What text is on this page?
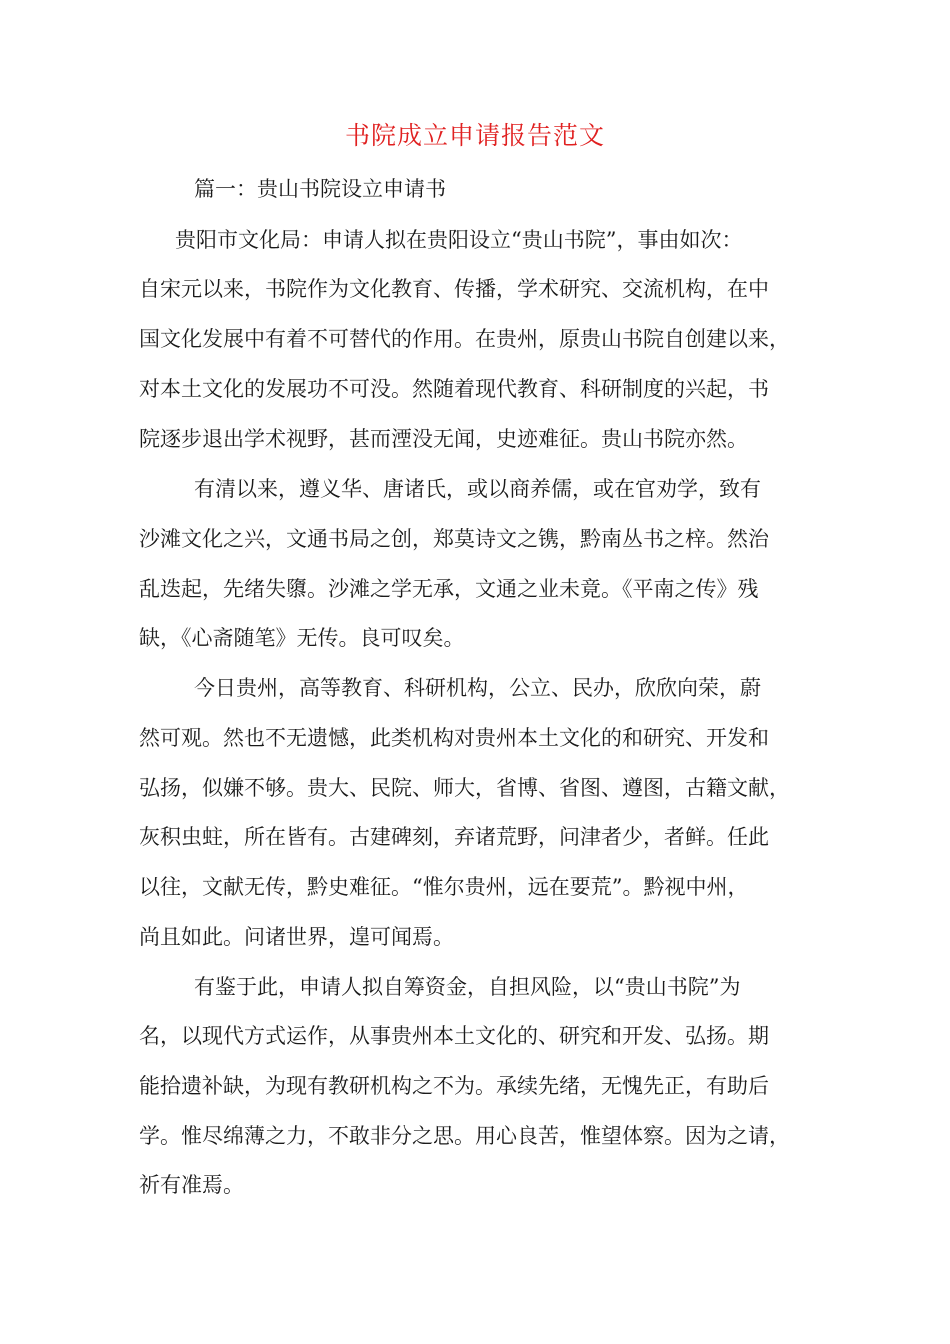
书院成立申请报告范文
篇一：贵山书院设立申请书
贵阳市文化局：申请人拟在贵阳设立“贵山书院”，事由如次：
自宋元以来，书院作为文化教育、传播，学术研究、交流机构，在中
国文化发展中有着不可替代的作用。在贵州，原贵山书院自创建以来，
对本土文化的发展功不可没。然随着现代教育、科研制度的兴起，书
院逐步退出学术视野，甚而湮没无闻，史迹难征。贵山书院亦然。
有清以来，遵义华、唐诸氏，或以商养儒，或在官劝学，致有
沙滩文化之兴，文通书局之创，郑莫诗文之镌，黔南丛书之梓。然治
乱迭起，先绪失隳。沙滩之学无承，文通之业未竟。《平南之传》残
缺，《心斋随笔》无传。良可叹矣。
今日贵州，高等教育、科研机构，公立、民办，欣欣向荣，蔚
然可观。然也不无遗憾，此类机构对贵州本土文化的和研究、开发和
弘扬，似嫌不够。贵大、民院、师大，省博、省图、遵图，古籍文献，
灰积虫蛀，所在皆有。古建碑刻，弃诸荒野，问津者少，者鲜。任此
以往，文献无传，黔史难征。“惟尔贵州，远在要荒”。黔视中州，
尚且如此。问诸世界，遑可闻焉。
有鉴于此，申请人拟自筹资金，自担风险，以“贵山书院”为
名，以现代方式运作，从事贵州本土文化的、研究和开发、弘扬。期
能拾遗补缺，为现有教研机构之不为。承续先绪，无愧先正，有助后
学。惟尽绵薄之力，不敢非分之思。用心良苦，惟望体察。因为之请，
祈有准焉。
